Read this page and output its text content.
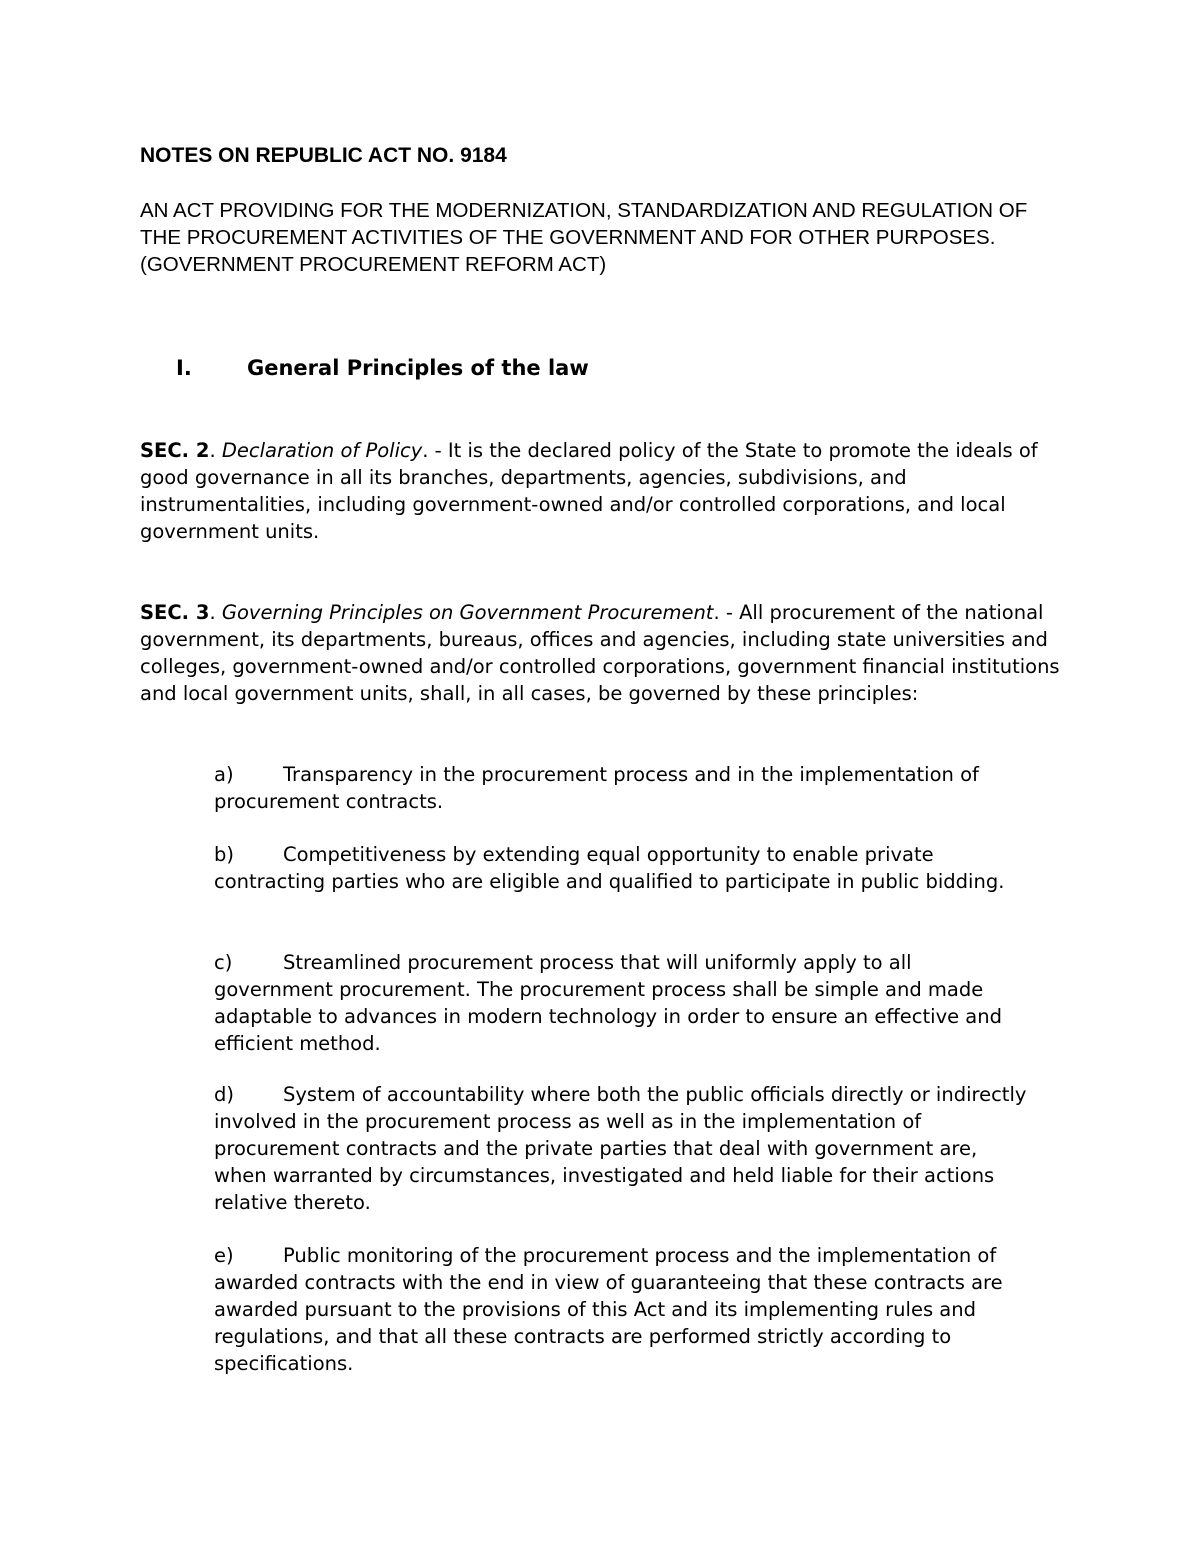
NOTES ON REPUBLIC ACT NO. 9184
AN ACT PROVIDING FOR THE MODERNIZATION, STANDARDIZATION AND REGULATION OF THE PROCUREMENT ACTIVITIES OF THE GOVERNMENT AND FOR OTHER PURPOSES. (GOVERNMENT PROCUREMENT REFORM ACT)
I.	General Principles of the law
SEC. 2. Declaration of Policy. - It is the declared policy of the State to promote the ideals of good governance in all its branches, departments, agencies, subdivisions, and instrumentalities, including government-owned and/or controlled corporations, and local government units.
SEC. 3. Governing Principles on Government Procurement. - All procurement of the national government, its departments, bureaus, offices and agencies, including state universities and colleges, government-owned and/or controlled corporations, government financial institutions and local government units, shall, in all cases, be governed by these principles:
a)	Transparency in the procurement process and in the implementation of procurement contracts.
b)	Competitiveness by extending equal opportunity to enable private contracting parties who are eligible and qualified to participate in public bidding.
c)	Streamlined procurement process that will uniformly apply to all government procurement. The procurement process shall be simple and made adaptable to advances in modern technology in order to ensure an effective and efficient method.
d)	System of accountability where both the public officials directly or indirectly involved in the procurement process as well as in the implementation of procurement contracts and the private parties that deal with government are, when warranted by circumstances, investigated and held liable for their actions relative thereto.
e)	Public monitoring of the procurement process and the implementation of awarded contracts with the end in view of guaranteeing that these contracts are awarded pursuant to the provisions of this Act and its implementing rules and regulations, and that all these contracts are performed strictly according to specifications.
